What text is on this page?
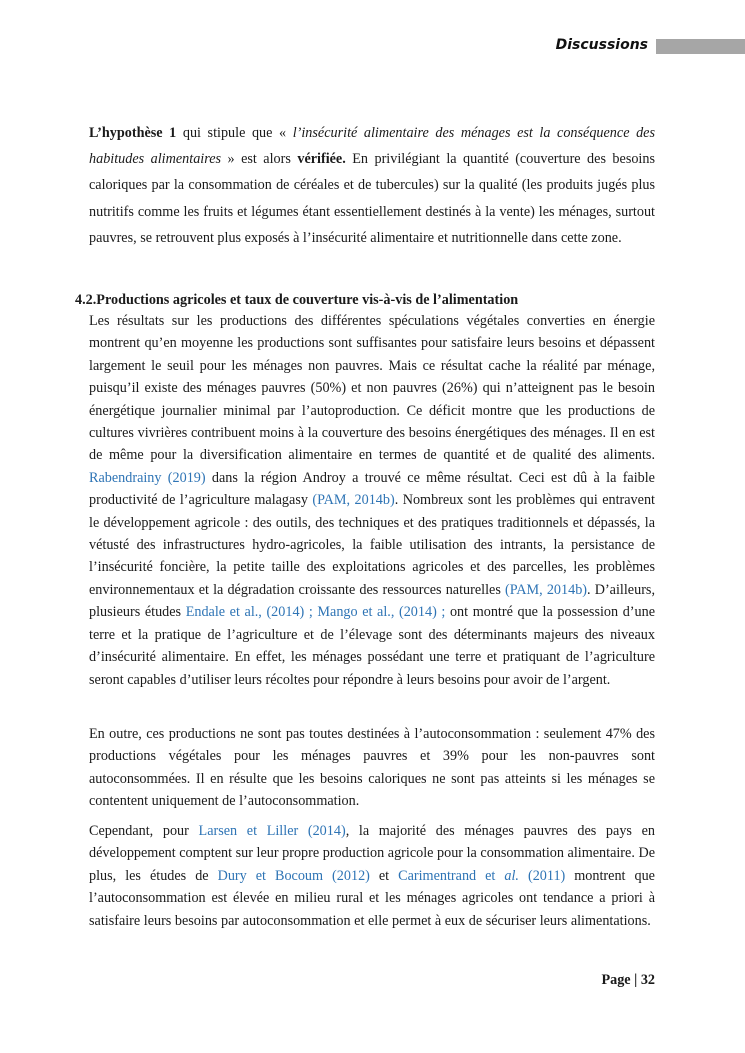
Discussions

L’hypothèse 1 qui stipule que « l’insécurité alimentaire des ménages est la conséquence des habitudes alimentaires » est alors vérifiée. En privilégiant la quantité (couverture des besoins caloriques par la consommation de céréales et de tubercules) sur la qualité (les produits jugés plus nutritifs comme les fruits et légumes étant essentiellement destinés à la vente) les ménages, surtout pauvres, se retrouvent plus exposés à l’insécurité alimentaire et nutritionnelle dans cette zone.

4.2.Productions agricoles et taux de couverture vis-à-vis de l’alimentation

Les résultats sur les productions des différentes spéculations végétales converties en énergie montrent qu’en moyenne les productions sont suffisantes pour satisfaire leurs besoins et dépassent largement le seuil pour les ménages non pauvres. Mais ce résultat cache la réalité par ménage, puisqu’il existe des ménages pauvres (50%) et non pauvres (26%) qui n’atteignent pas le besoin énergétique journalier minimal par l’autoproduction. Ce déficit montre que les productions de cultures vivrières contribuent moins à la couverture des besoins énergétiques des ménages. Il en est de même pour la diversification alimentaire en termes de quantité et de qualité des aliments. Rabendrainy (2019) dans la région Androy a trouvé ce même résultat. Ceci est dû à la faible productivité de l’agriculture malagasy (PAM, 2014b). Nombreux sont les problèmes qui entravent le développement agricole : des outils, des techniques et des pratiques traditionnels et dépassés, la vétusté des infrastructures hydro-agricoles, la faible utilisation des intrants, la persistance de l’insécurité foncière, la petite taille des exploitations agricoles et des parcelles, les problèmes environnementaux et la dégradation croissante des ressources naturelles (PAM, 2014b). D’ailleurs, plusieurs études Endale et al., (2014) ; Mango et al., (2014) ; ont montré que la possession d’une terre et la pratique de l’agriculture et de l’élevage sont des déterminants majeurs des niveaux d’insécurité alimentaire. En effet, les ménages possédant une terre et pratiquant de l’agriculture seront capables d’utiliser leurs récoltes pour répondre à leurs besoins pour avoir de l’argent.

En outre, ces productions ne sont pas toutes destinées à l’autoconsommation : seulement 47% des productions végétales pour les ménages pauvres et 39% pour les non-pauvres sont autoconsommées. Il en résulte que les besoins caloriques ne sont pas atteints si les ménages se contentent uniquement de l’autoconsommation.

Cependant, pour Larsen et Liller (2014), la majorité des ménages pauvres des pays en développement comptent sur leur propre production agricole pour la consommation alimentaire. De plus, les études de Dury et Bocoum (2012) et Carimentrand et al. (2011) montrent que l’autoconsommation est élevée en milieu rural et les ménages agricoles ont tendance a priori à satisfaire leurs besoins par autoconsommation et elle permet à eux de sécuriser leurs alimentations.

Page | 32
